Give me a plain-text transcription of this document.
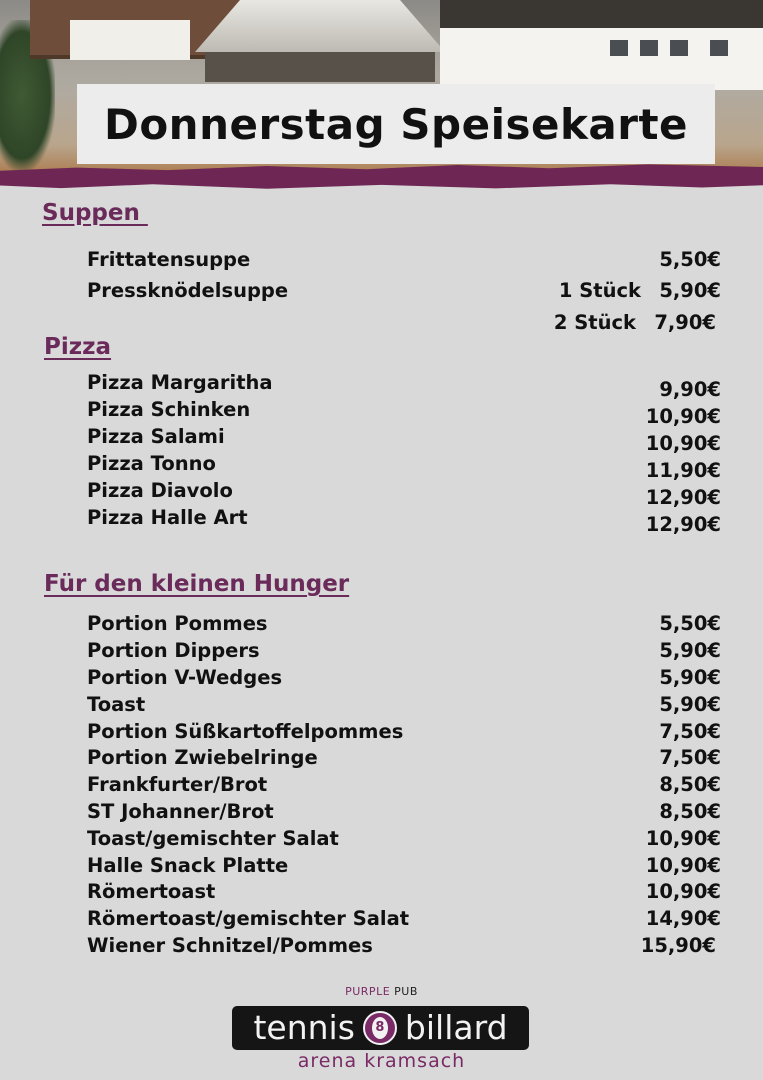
Donnerstag Speisekarte
Suppen
Frittatensuppe	5,50€
Pressknödelsuppe	1 Stück 5,90€
2 Stück 7,90€
Pizza
Pizza Margaritha	9,90€
Pizza Schinken	10,90€
Pizza Salami	10,90€
Pizza Tonno	11,90€
Pizza Diavolo	12,90€
Pizza Halle Art	12,90€
Für den kleinen Hunger
Portion Pommes	5,50€
Portion Dippers	5,90€
Portion V-Wedges	5,90€
Toast	5,90€
Portion Süßkartoffelpommes	7,50€
Portion Zwiebelringe	7,50€
Frankfurter/Brot	8,50€
ST Johanner/Brot	8,50€
Toast/gemischter Salat	10,90€
Halle Snack Platte	10,90€
Römertoast	10,90€
Römertoast/gemischter Salat	14,90€
Wiener Schnitzel/Pommes	15,90€
PURPLE PUB
tennis 8 billard
arena kramsach
